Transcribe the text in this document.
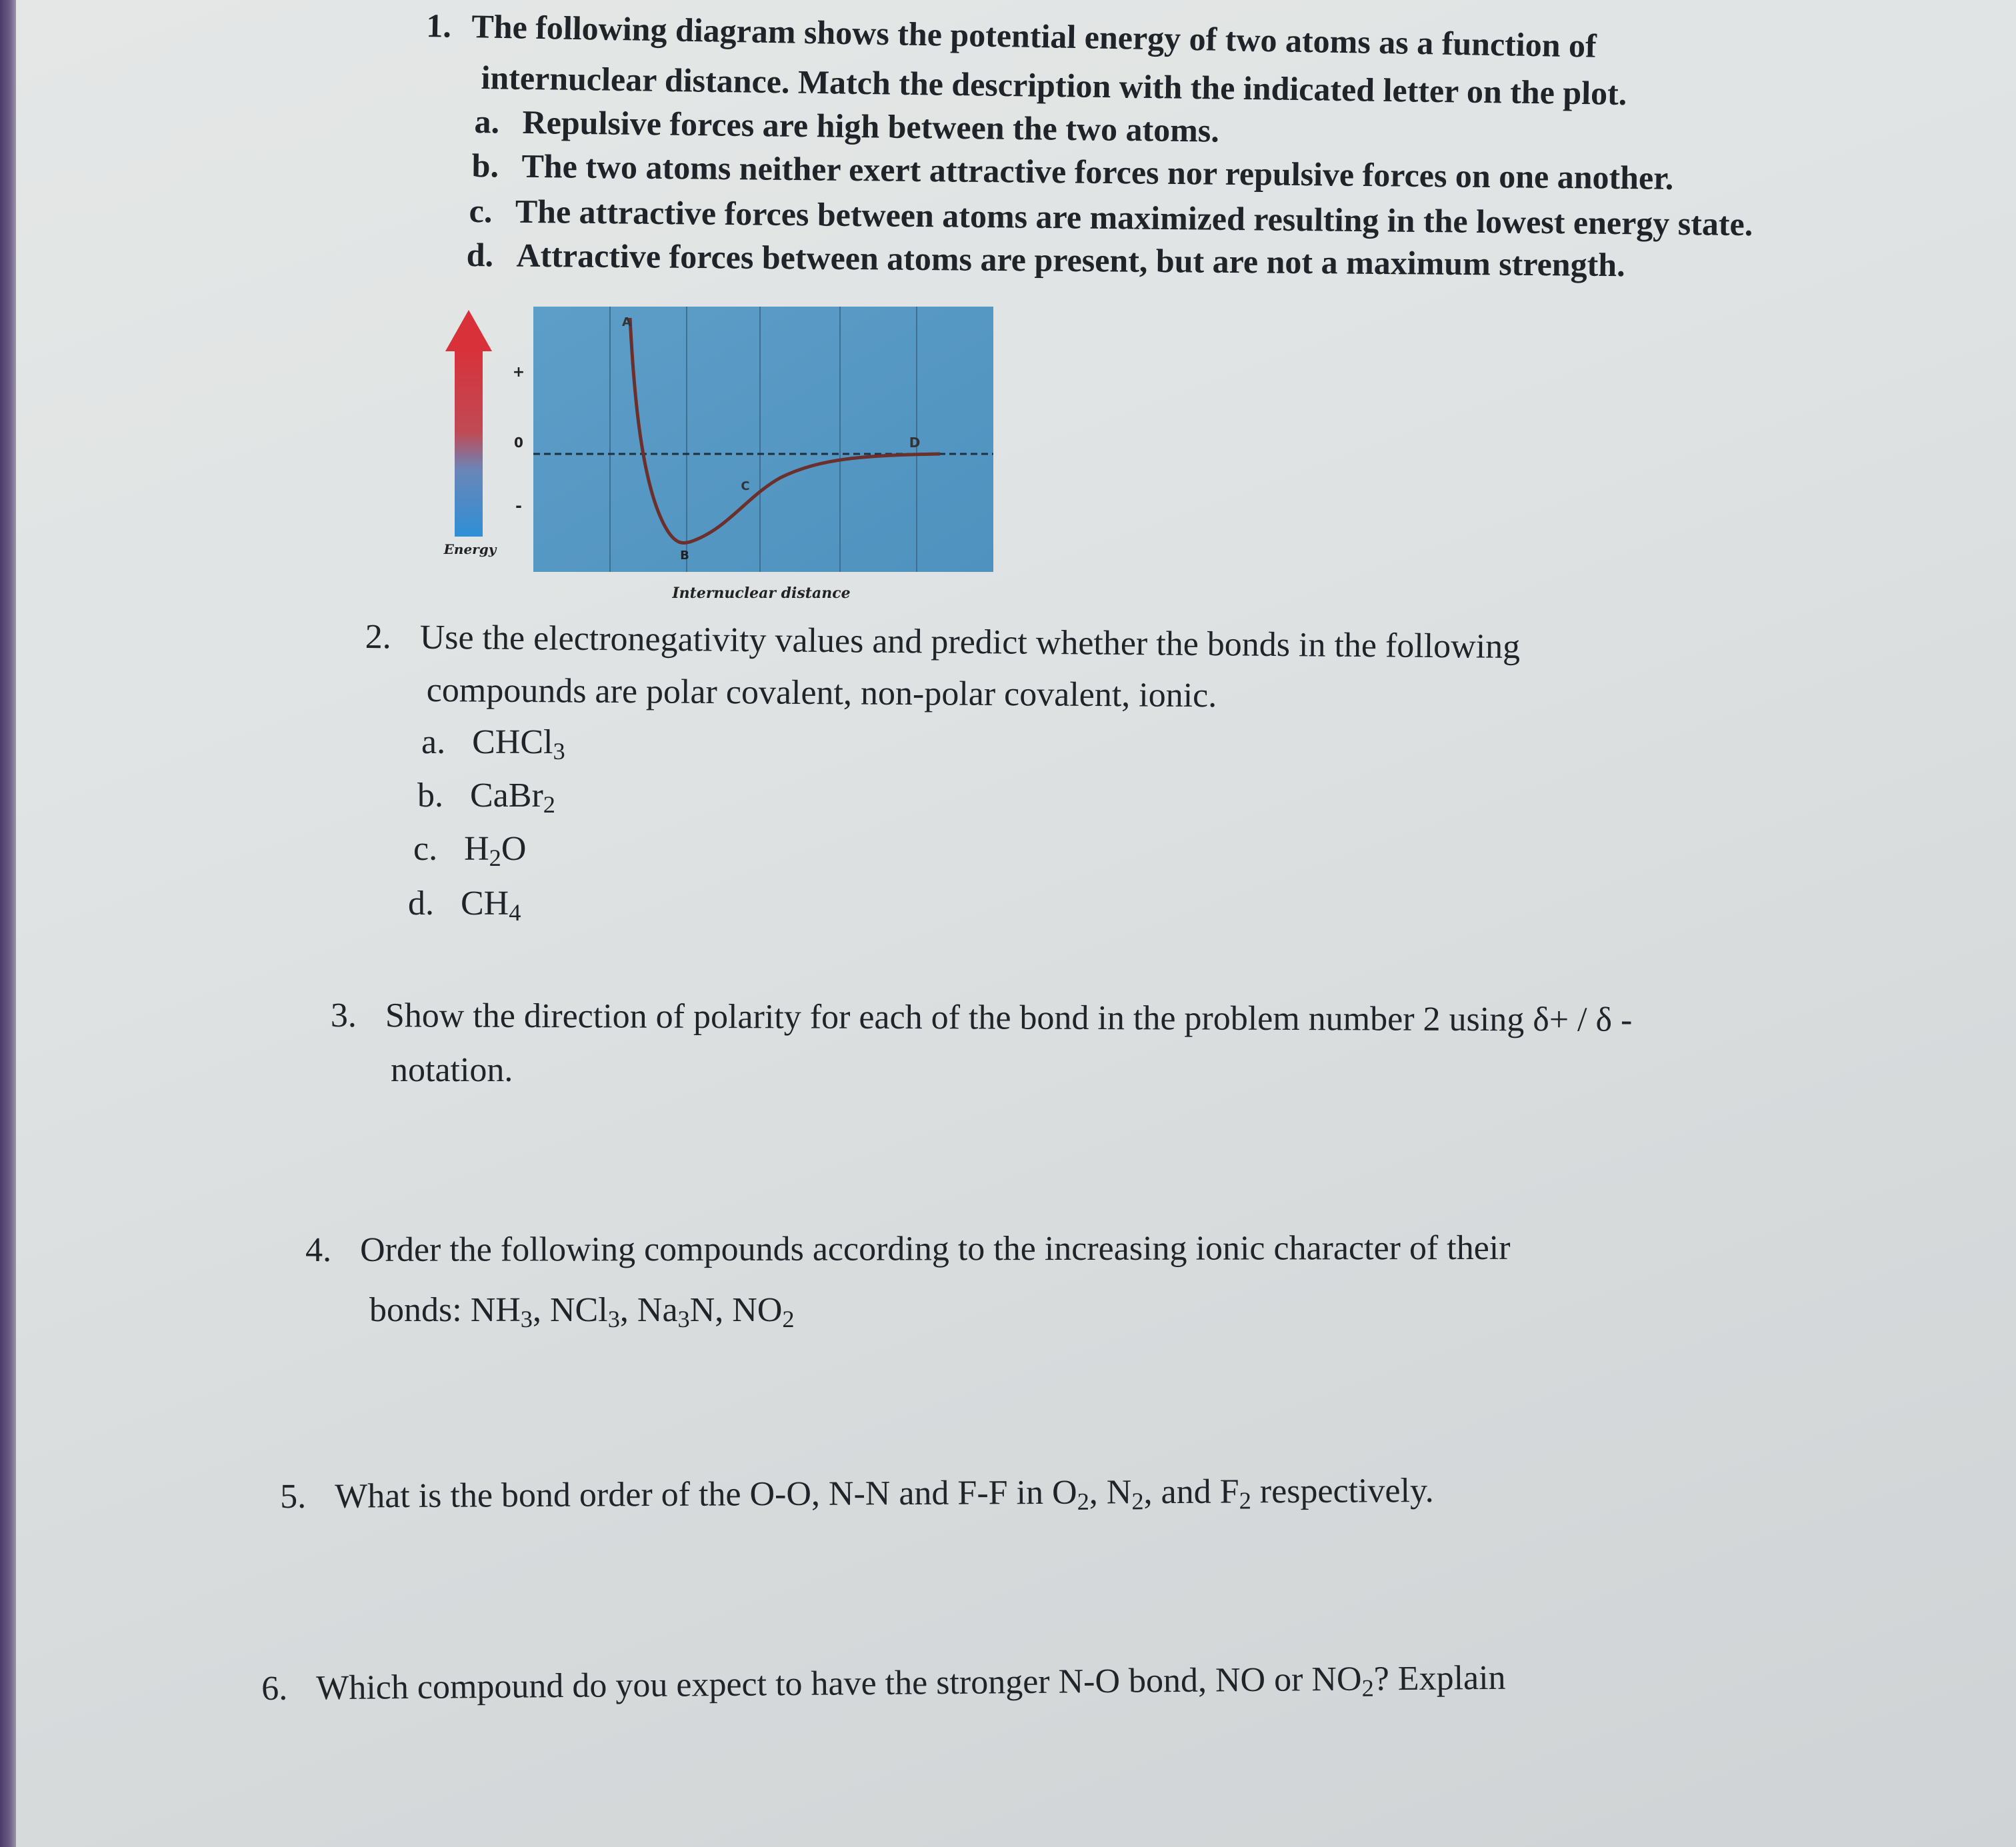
1. The following diagram shows the potential energy of two atoms as a function of
internuclear distance. Match the description with the indicated letter on the plot.
a. Repulsive forces are high between the two atoms.
b. The two atoms neither exert attractive forces nor repulsive forces on one another.
c. The attractive forces between atoms are maximized resulting in the lowest energy state.
d. Attractive forces between atoms are present, but are not a maximum strength.
+
0
-
A
B
C
D
Energy
Internuclear distance
2. Use the electronegativity values and predict whether the bonds in the following
compounds are polar covalent, non-polar covalent, ionic.
a. CHCl$_3$
b. CaBr$_2$
c. $H_2O$
d. $CH_4$
3. Show the direction of polarity for each of the bond in the problem number 2 using δ+ / δ -
notation.
4. Order the following compounds according to the increasing ionic character of their
bonds: $NH_3$, NCl$_3$, $Na_3N$, $NO_2$
5. What is the bond order of the O-O, N-N and F-F in $O_2$, $N_2$, and $F_2$ respectively.
6. Which compound do you expect to have the stronger N-O bond, NO or $NO_2$? Explain
